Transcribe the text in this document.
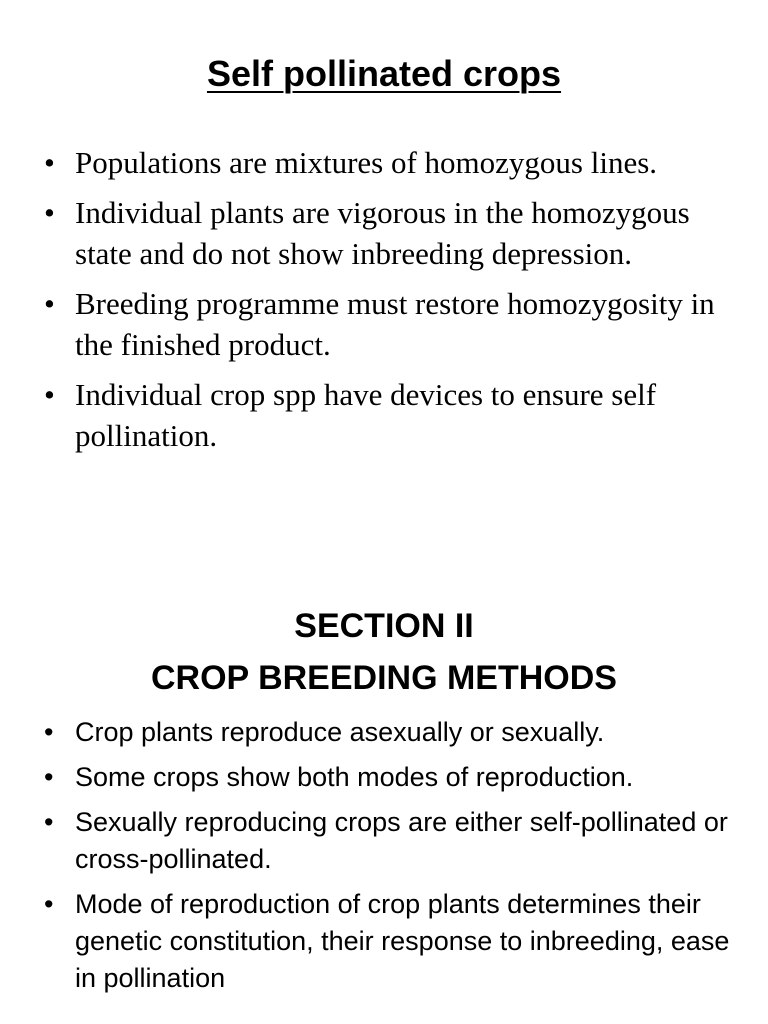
Self pollinated crops
• Populations are mixtures of homozygous lines.
• Individual plants are vigorous in the homozygous state and do not show inbreeding depression.
• Breeding programme must restore homozygosity in the finished product.
• Individual crop spp have devices to ensure self pollination.
SECTION II
CROP BREEDING METHODS
• Crop plants reproduce asexually or sexually.
• Some crops show both modes of reproduction.
• Sexually reproducing crops are either self-pollinated or cross-pollinated.
• Mode of reproduction of crop plants determines their genetic constitution, their response to inbreeding, ease in pollination
